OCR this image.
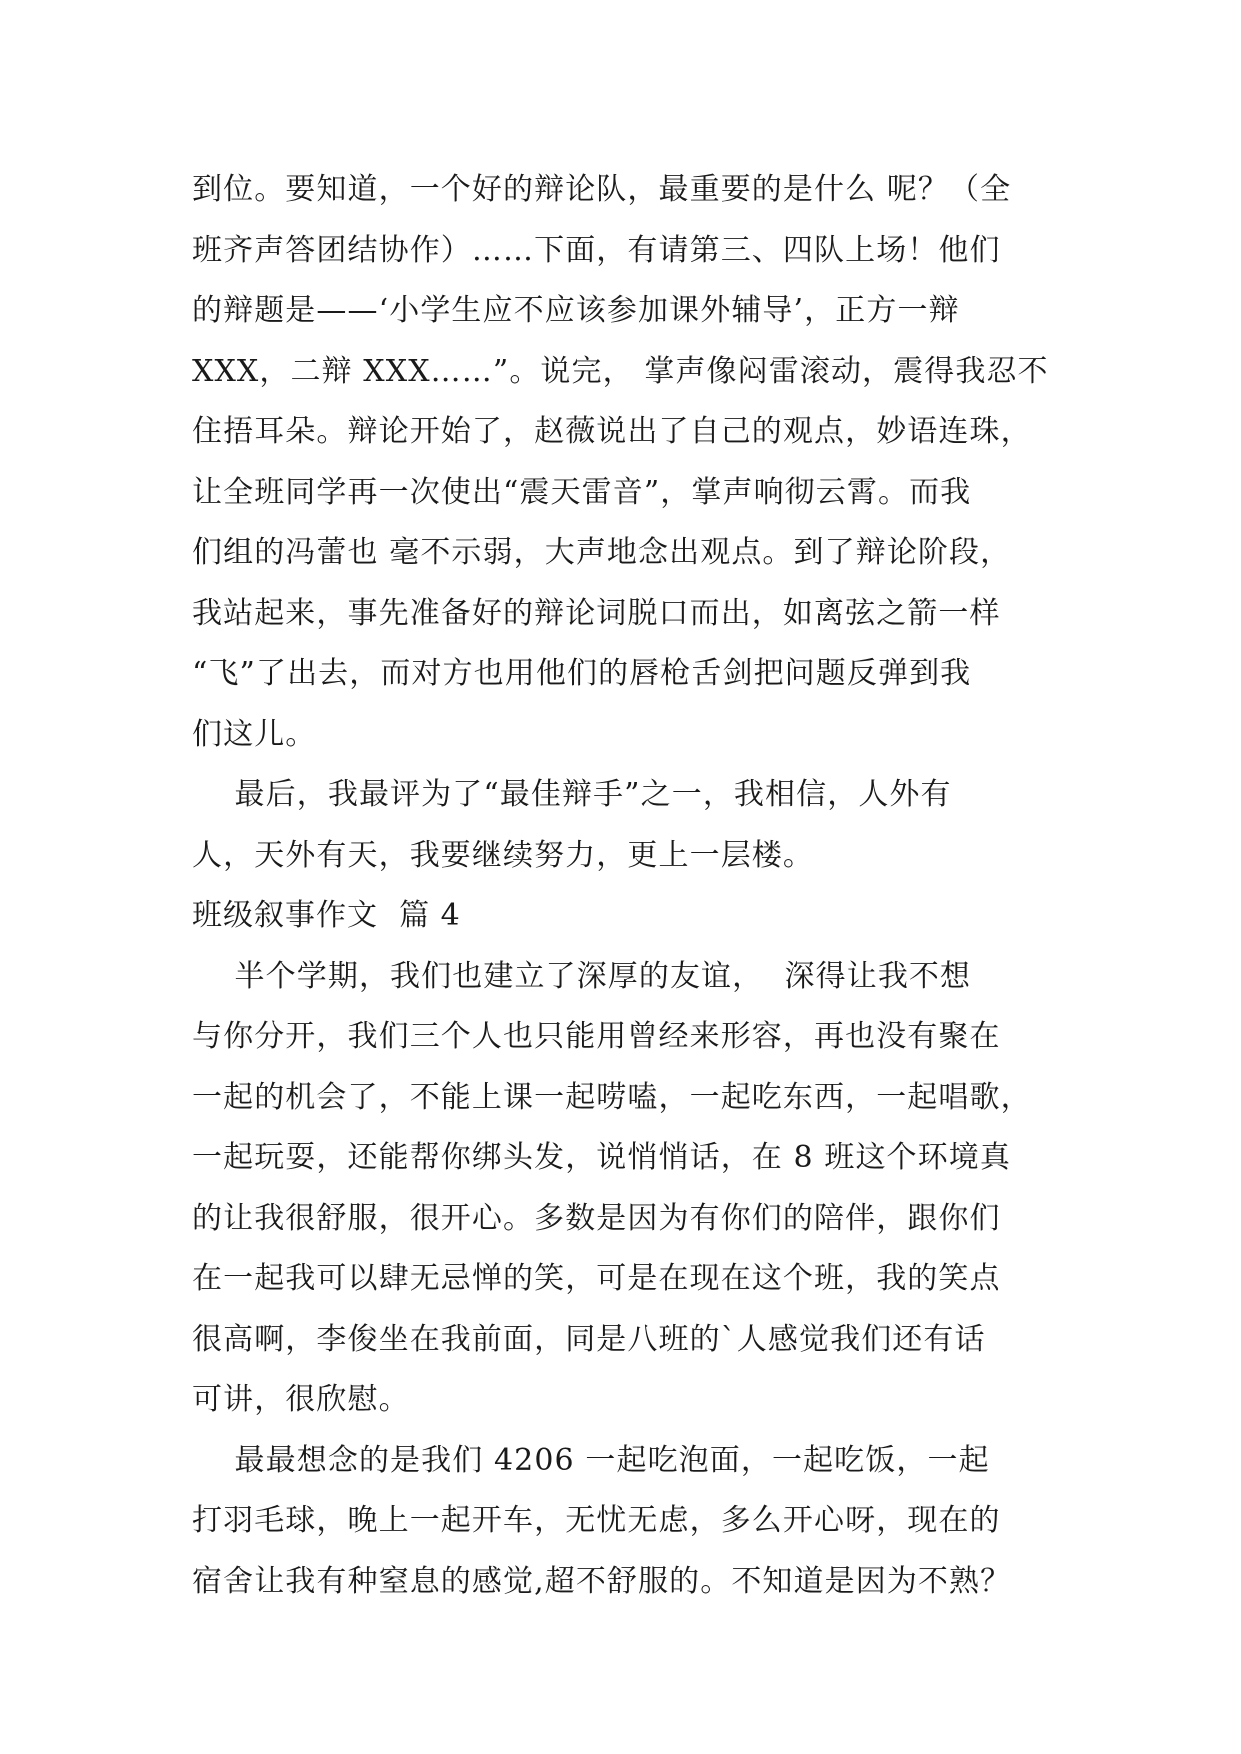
到位。要知道，一个好的辩论队，最重要的是什么 呢？（全
班齐声答团结协作）……下面，有请第三、四队上场！他们
的辩题是——‘小学生应不应该参加课外辅导’，正方一辩
XXX，二辩 XXX……”。说完， 掌声像闷雷滚动，震得我忍不
住捂耳朵。辩论开始了，赵薇说出了自己的观点，妙语连珠，
让全班同学再一次使出“震天雷音”，掌声响彻云霄。而我
们组的冯蕾也 毫不示弱，大声地念出观点。到了辩论阶段，
我站起来，事先准备好的辩论词脱口而出，如离弦之箭一样
“飞”了出去，而对方也用他们的唇枪舌剑把问题反弹到我
们这儿。
最后，我最评为了“最佳辩手”之一，我相信，人外有
人，天外有天，我要继续努力，更上一层楼。
班级叙事作文  篇 4
半个学期，我们也建立了深厚的友谊，  深得让我不想
与你分开，我们三个人也只能用曾经来形容，再也没有聚在
一起的机会了，不能上课一起唠嗑，一起吃东西，一起唱歌，
一起玩耍，还能帮你绑头发，说悄悄话，在 8 班这个环境真
的让我很舒服，很开心。多数是因为有你们的陪伴，跟你们
在一起我可以肆无忌惮的笑，可是在现在这个班，我的笑点
很高啊，李俊坐在我前面，同是八班的`人感觉我们还有话
可讲，很欣慰。
最最想念的是我们 4206 一起吃泡面，一起吃饭，一起
打羽毛球，晚上一起开车，无忧无虑，多么开心呀，现在的
宿舍让我有种窒息的感觉,超不舒服的。不知道是因为不熟？
